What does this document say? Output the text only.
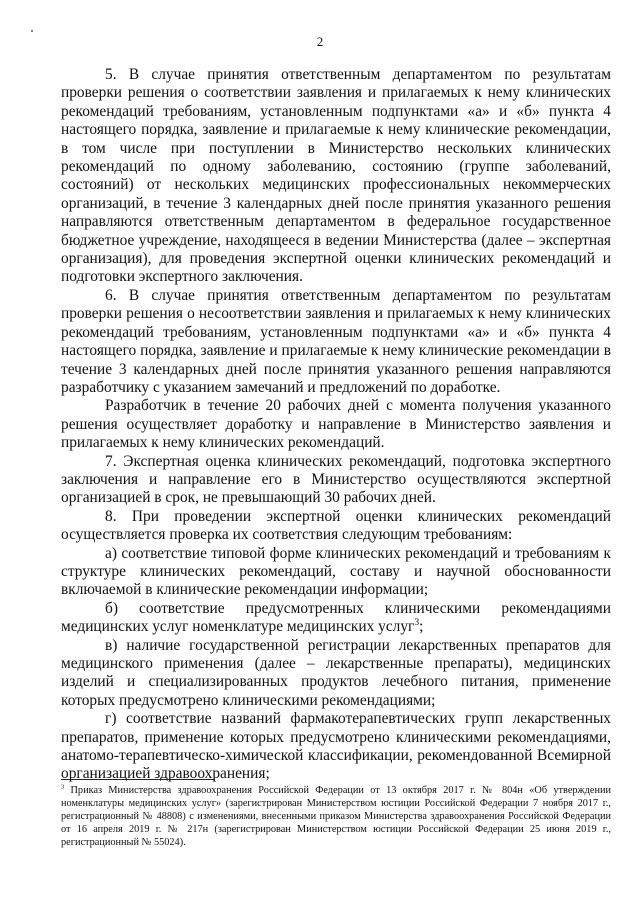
2

5. В случае принятия ответственным департаментом по результатам проверки решения о соответствии заявления и прилагаемых к нему клинических рекомендаций требованиям, установленным подпунктами «а» и «б» пункта 4 настоящего порядка, заявление и прилагаемые к нему клинические рекомендации, в том числе при поступлении в Министерство нескольких клинических рекомендаций по одному заболеванию, состоянию (группе заболеваний, состояний) от нескольких медицинских профессиональных некоммерческих организаций, в течение 3 календарных дней после принятия указанного решения направляются ответственным департаментом в федеральное государственное бюджетное учреждение, находящееся в ведении Министерства (далее – экспертная организация), для проведения экспертной оценки клинических рекомендаций и подготовки экспертного заключения.

6. В случае принятия ответственным департаментом по результатам проверки решения о несоответствии заявления и прилагаемых к нему клинических рекомендаций требованиям, установленным подпунктами «а» и «б» пункта 4 настоящего порядка, заявление и прилагаемые к нему клинические рекомендации в течение 3 календарных дней после принятия указанного решения направляются разработчику с указанием замечаний и предложений по доработке.

Разработчик в течение 20 рабочих дней с момента получения указанного решения осуществляет доработку и направление в Министерство заявления и прилагаемых к нему клинических рекомендаций.

7. Экспертная оценка клинических рекомендаций, подготовка экспертного заключения и направление его в Министерство осуществляются экспертной организацией в срок, не превышающий 30 рабочих дней.

8. При проведении экспертной оценки клинических рекомендаций осуществляется проверка их соответствия следующим требованиям:

а) соответствие типовой форме клинических рекомендаций и требованиям к структуре клинических рекомендаций, составу и научной обоснованности включаемой в клинические рекомендации информации;

б) соответствие предусмотренных клиническими рекомендациями медицинских услуг номенклатуре медицинских услуг$^3$;

в) наличие государственной регистрации лекарственных препаратов для медицинского применения (далее – лекарственные препараты), медицинских изделий и специализированных продуктов лечебного питания, применение которых предусмотрено клиническими рекомендациями;

г) соответствие названий фармакотерапевтических групп лекарственных препаратов, применение которых предусмотрено клиническими рекомендациями, анатомо-терапевтическо-химической классификации, рекомендованной Всемирной организацией здравоохранения;

$^3$ Приказ Министерства здравоохранения Российской Федерации от 13 октября 2017 г. № 804н «Об утверждении номенклатуры медицинских услуг» (зарегистрирован Министерством юстиции Российской Федерации 7 ноября 2017 г., регистрационный № 48808) с изменениями, внесенными приказом Министерства здравоохранения Российской Федерации от 16 апреля 2019 г. № 217н (зарегистрирован Министерством юстиции Российской Федерации 25 июня 2019 г., регистрационный № 55024).
